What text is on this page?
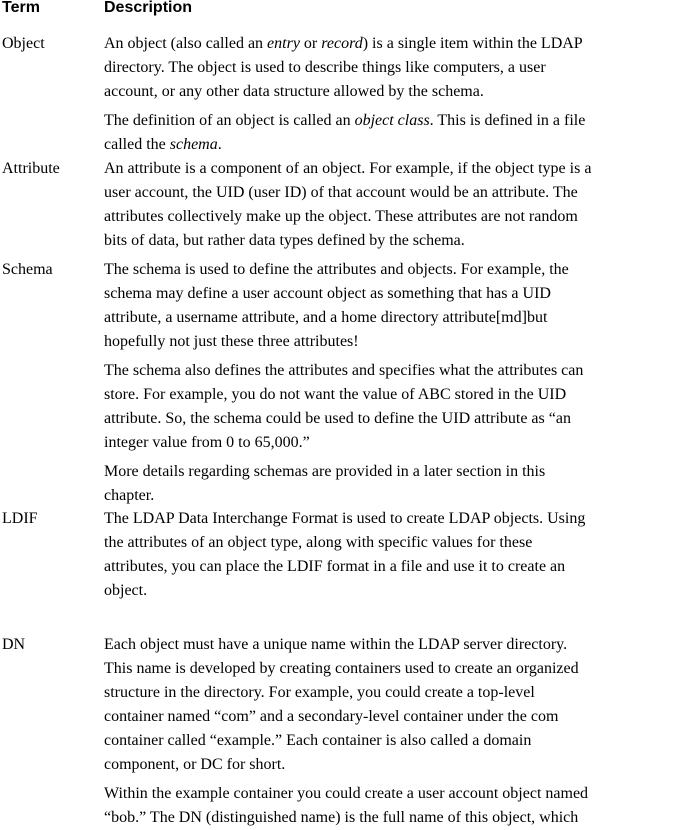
Term	Description
Object	An object (also called an entry or record) is a single item within the LDAP
directory. The object is used to describe things like computers, a user
account, or any other data structure allowed by the schema.

The definition of an object is called an object class. This is defined in a file
called the schema.

Attribute	An attribute is a component of an object. For example, if the object type is a
user account, the UID (user ID) of that account would be an attribute. The
attributes collectively make up the object. These attributes are not random
bits of data, but rather data types defined by the schema.

Schema	The schema is used to define the attributes and objects. For example, the
schema may define a user account object as something that has a UID
attribute, a username attribute, and a home directory attribute[md]but
hopefully not just these three attributes!

The schema also defines the attributes and specifies what the attributes can
store. For example, you do not want the value of ABC stored in the UID
attribute. So, the schema could be used to define the UID attribute as “an
integer value from 0 to 65,000.”

More details regarding schemas are provided in a later section in this
chapter.

LDIF	The LDAP Data Interchange Format is used to create LDAP objects. Using
the attributes of an object type, along with specific values for these
attributes, you can place the LDIF format in a file and use it to create an
object.

DN	Each object must have a unique name within the LDAP server directory.
This name is developed by creating containers used to create an organized
structure in the directory. For example, you could create a top-level
container named “com” and a secondary-level container under the com
container called “example.” Each container is also called a domain
component, or DC for short.

Within the example container you could create a user account object named
“bob.” The DN (distinguished name) is the full name of this object, which
